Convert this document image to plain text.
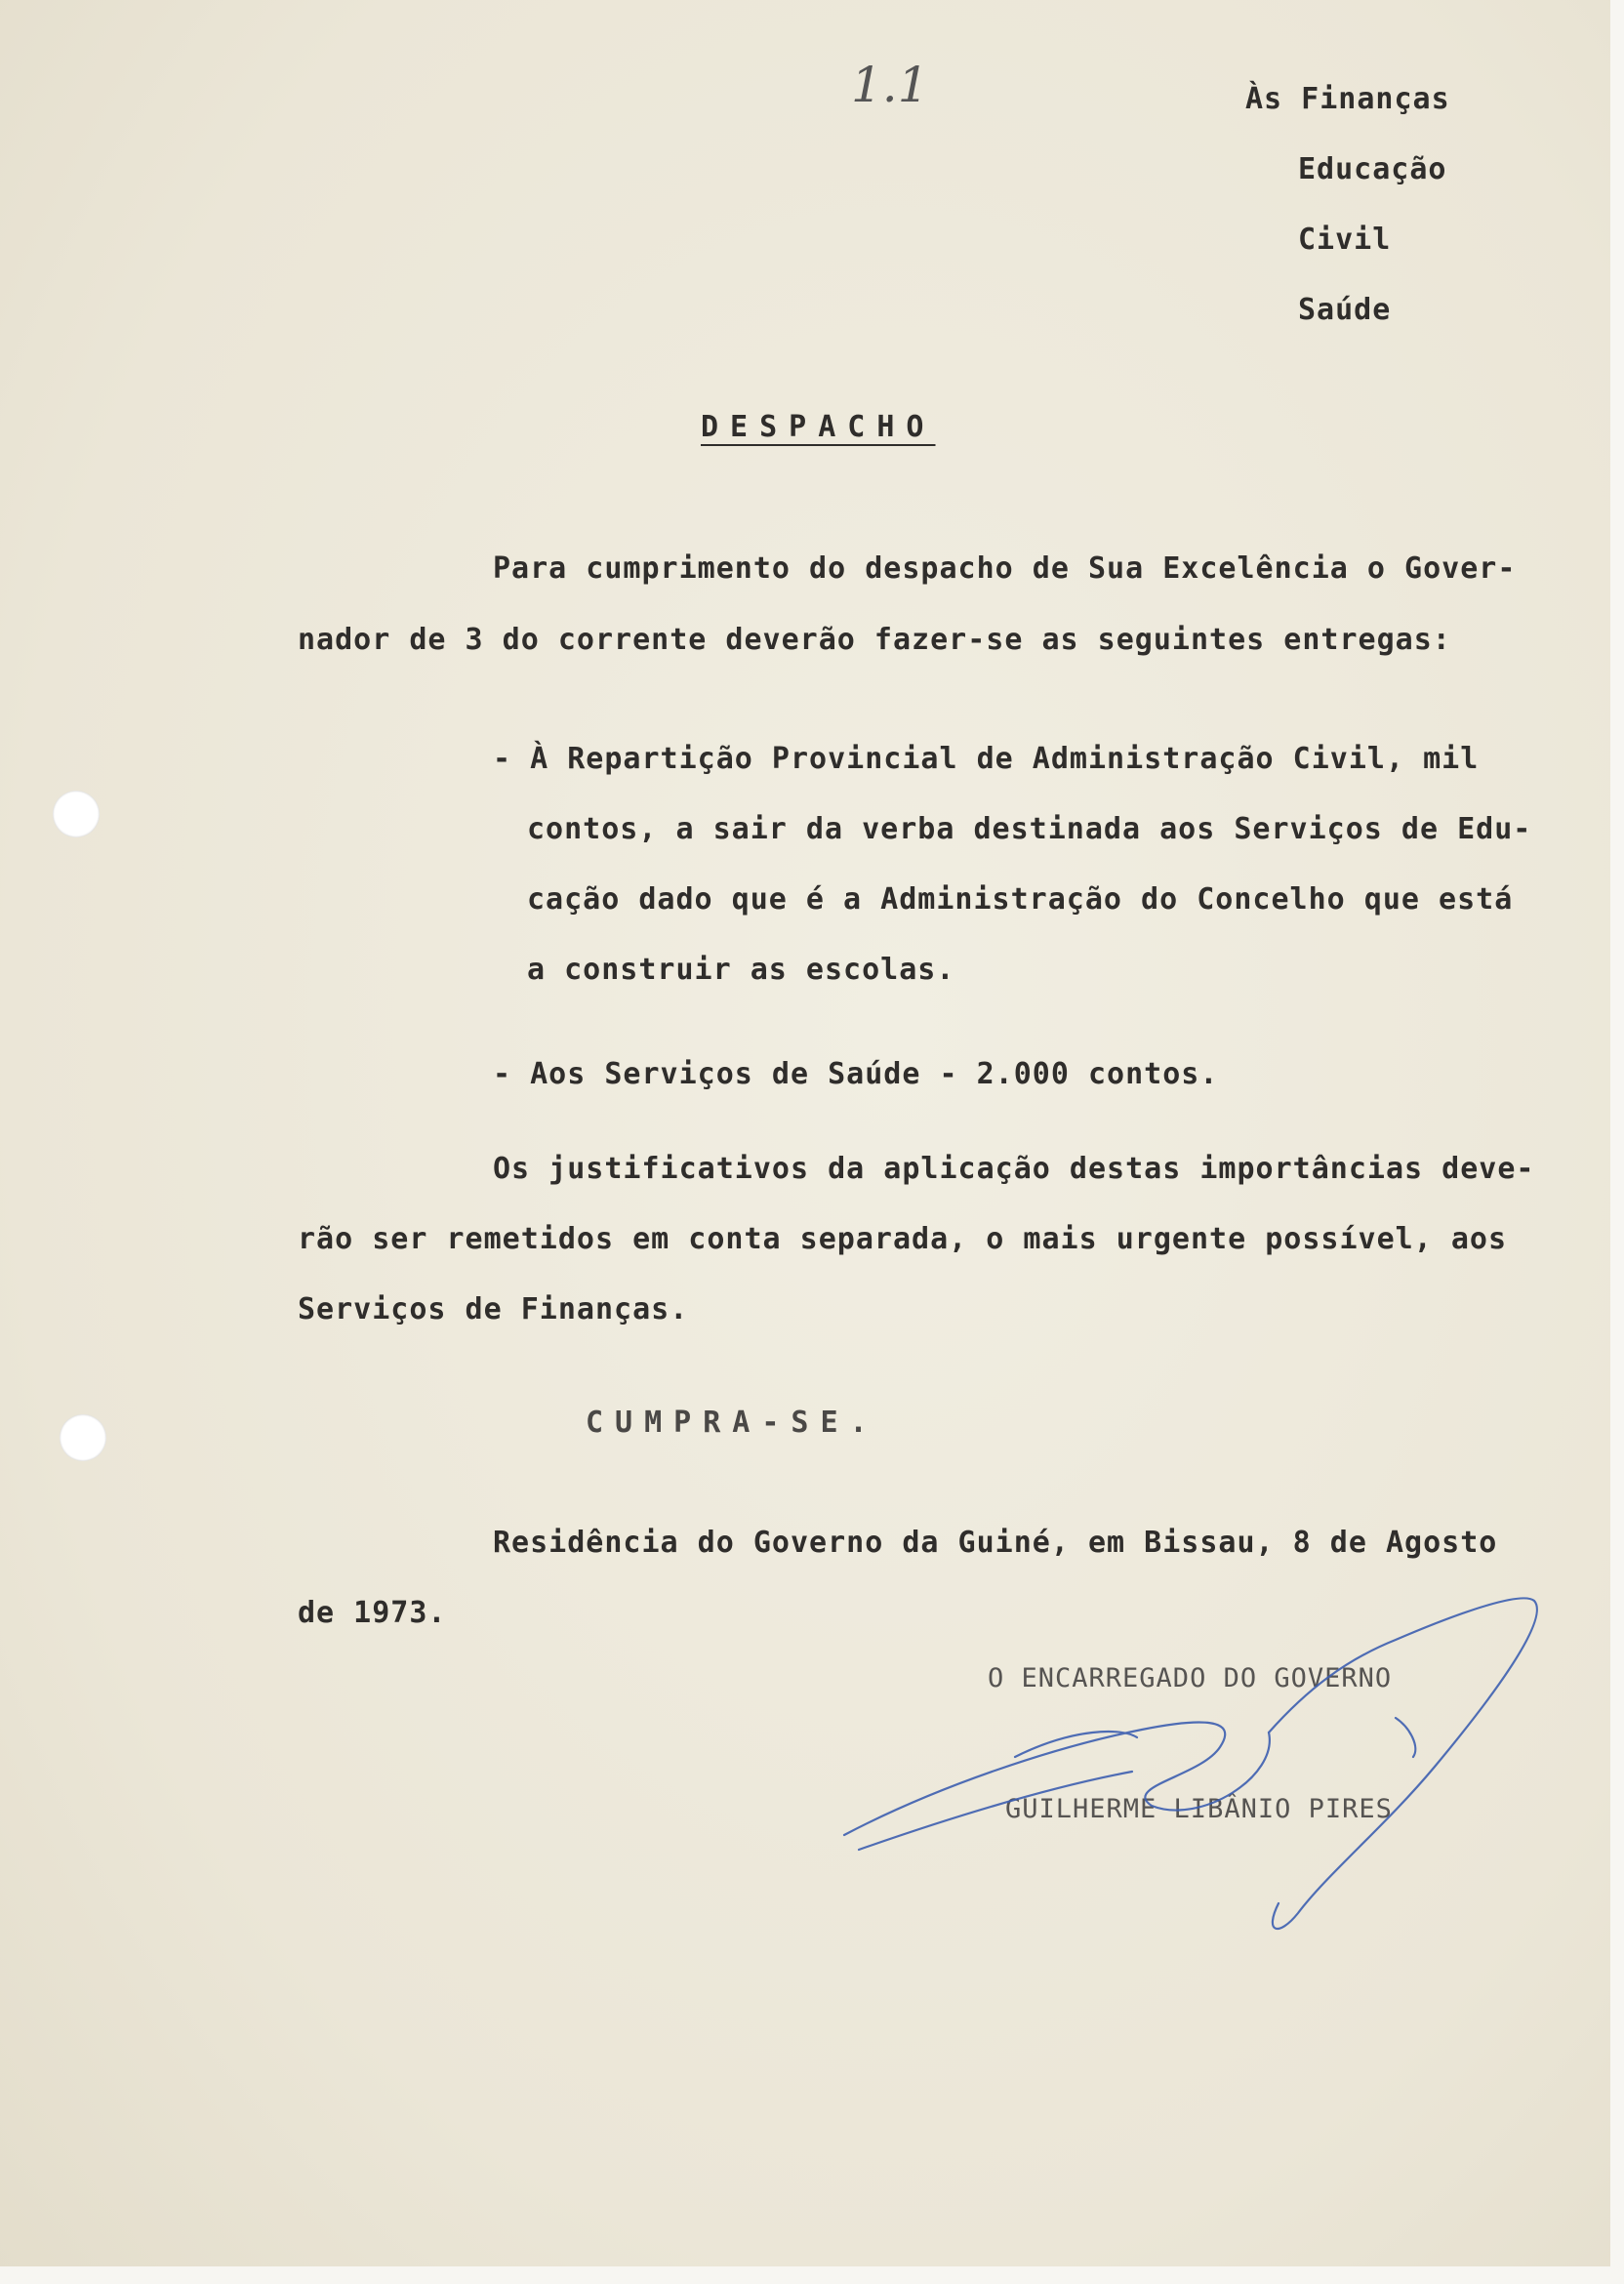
1.1	Às Finanças
Educação
Civil
Saúde
DESPACHO
Para cumprimento do despacho de Sua Excelência o Gover-
nador de 3 do corrente deverão fazer-se as seguintes entregas:
- À Repartição Provincial de Administração Civil, mil
contos, a sair da verba destinada aos Serviços de Edu-
cação dado que é a Administração do Concelho que está
a construir as escolas.
- Aos Serviços de Saúde - 2.000 contos.
Os justificativos da aplicação destas importâncias deve-
rão ser remetidos em conta separada, o mais urgente possível, aos
Serviços de Finanças.
CUMPRA-SE.
Residência do Governo da Guiné, em Bissau, 8 de Agosto
de 1973.
O ENCARREGADO DO GOVERNO
GUILHERME LIBÂNIO PIRES
